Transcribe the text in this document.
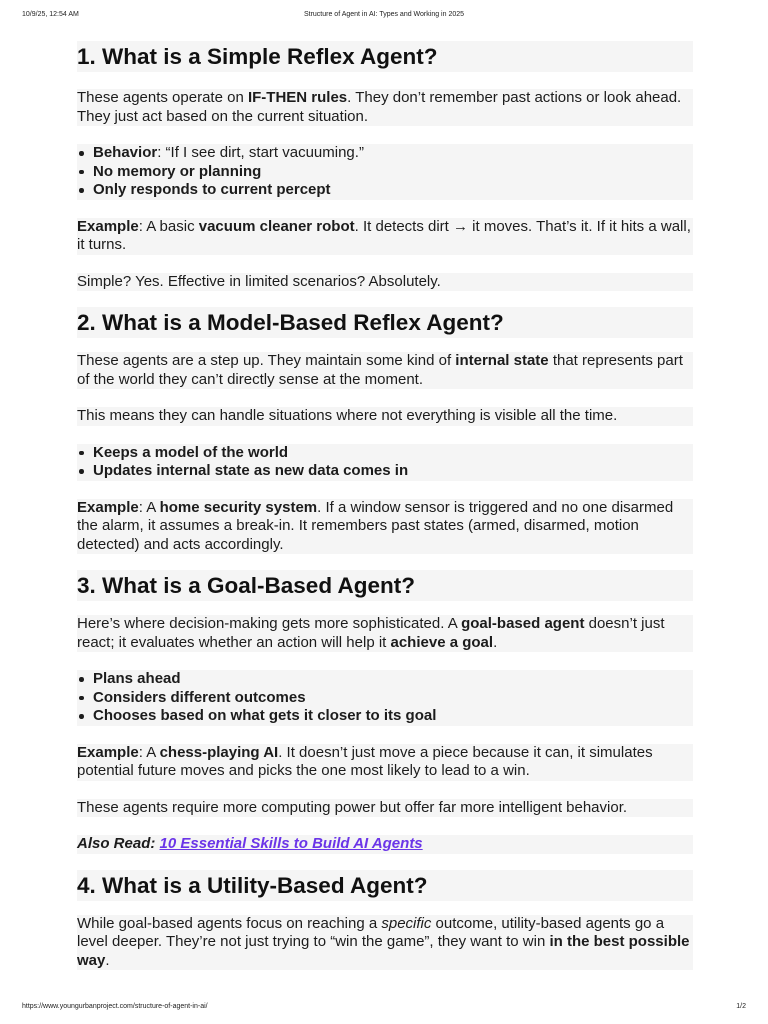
10/9/25, 12:54 AM	Structure of Agent in AI: Types and Working in 2025
1. What is a Simple Reflex Agent?

These agents operate on IF-THEN rules. They don’t remember past actions or look ahead. They just act based on the current situation.

Behavior: “If I see dirt, start vacuuming.”
No memory or planning
Only responds to current percept

Example: A basic vacuum cleaner robot. It detects dirt → it moves. That’s it. If it hits a wall, it turns.

Simple? Yes. Effective in limited scenarios? Absolutely.

2. What is a Model-Based Reflex Agent?

These agents are a step up. They maintain some kind of internal state that represents part of the world they can’t directly sense at the moment.

This means they can handle situations where not everything is visible all the time.

Keeps a model of the world
Updates internal state as new data comes in

Example: A home security system. If a window sensor is triggered and no one disarmed the alarm, it assumes a break-in. It remembers past states (armed, disarmed, motion detected) and acts accordingly.

3. What is a Goal-Based Agent?

Here’s where decision-making gets more sophisticated. A goal-based agent doesn’t just react; it evaluates whether an action will help it achieve a goal.

Plans ahead
Considers different outcomes
Chooses based on what gets it closer to its goal

Example: A chess-playing AI. It doesn’t just move a piece because it can, it simulates potential future moves and picks the one most likely to lead to a win.

These agents require more computing power but offer far more intelligent behavior.

Also Read: 10 Essential Skills to Build AI Agents

4. What is a Utility-Based Agent?

While goal-based agents focus on reaching a specific outcome, utility-based agents go a level deeper. They’re not just trying to “win the game”, they want to win in the best possible way.

https://www.youngurbanproject.com/structure-of-agent-in-ai/	1/2
